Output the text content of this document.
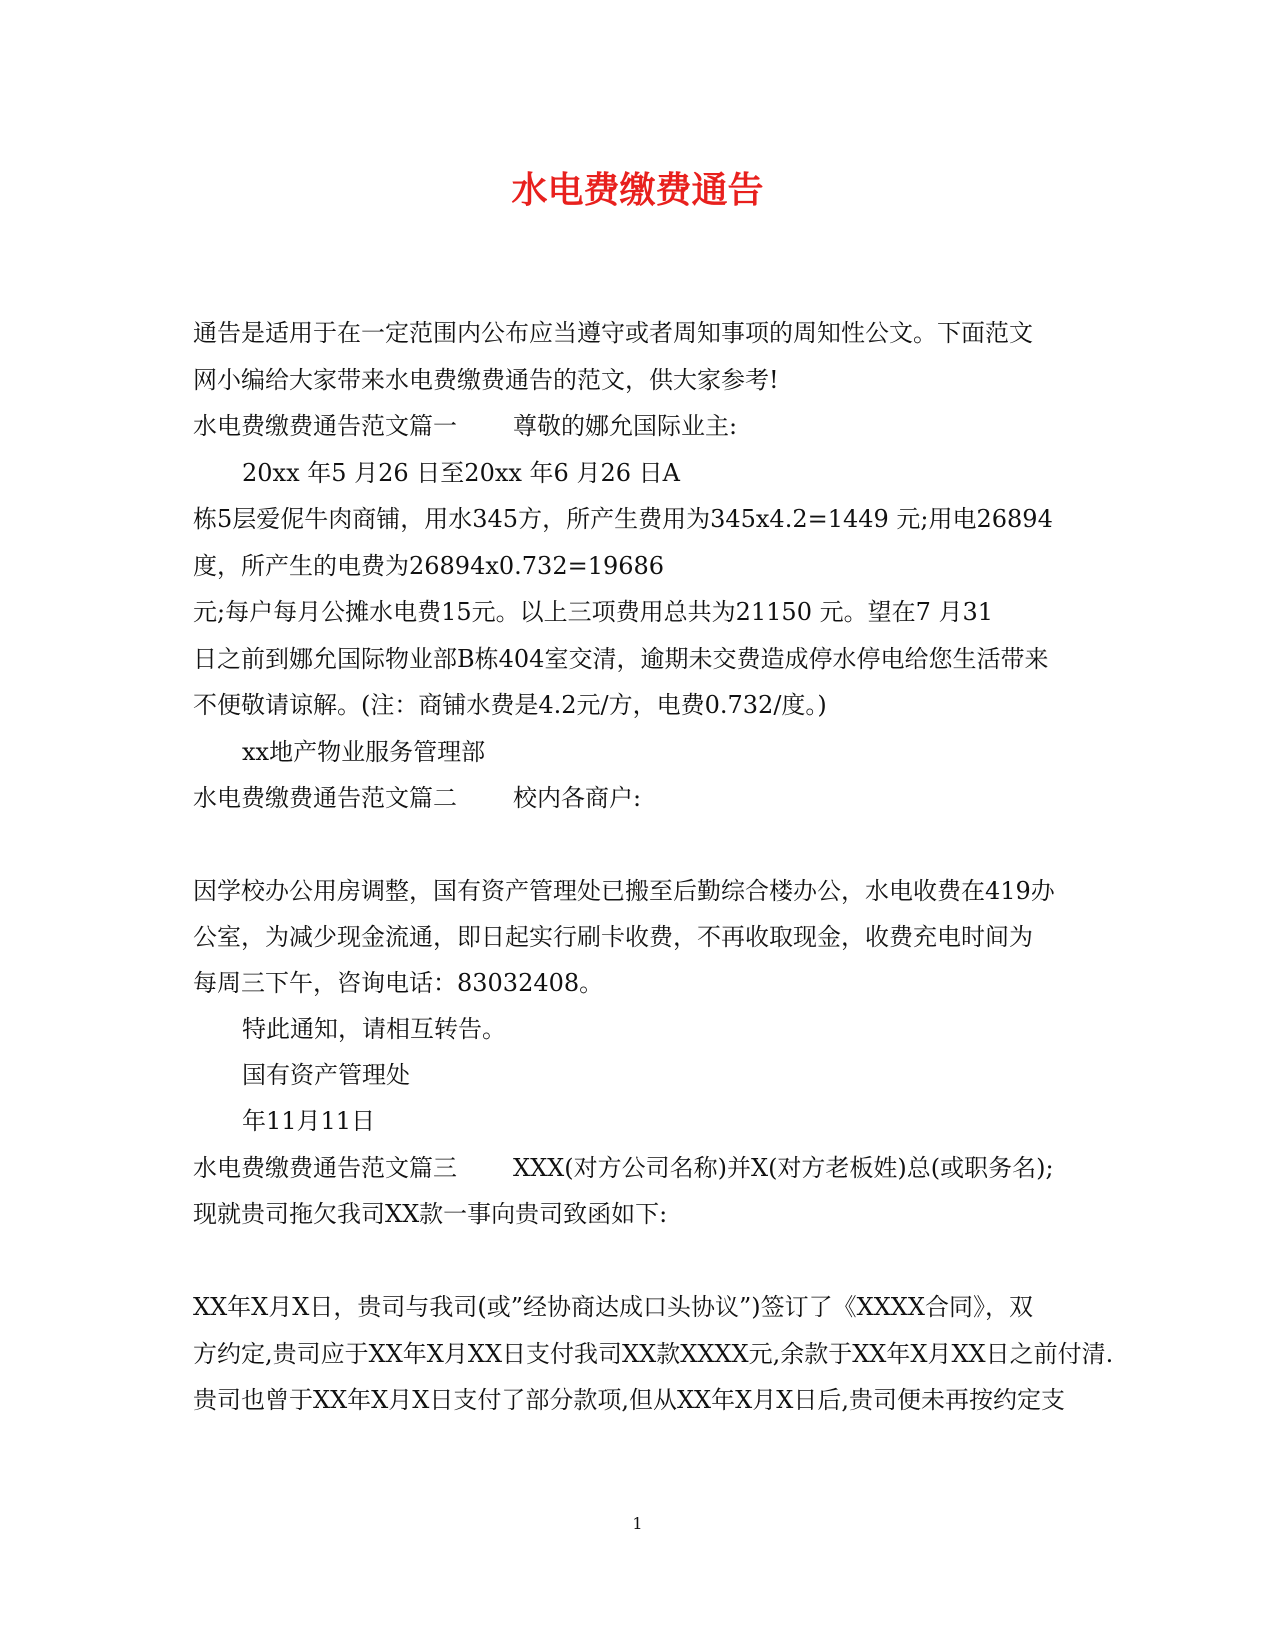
水电费缴费通告

通告是适用于在一定范围内公布应当遵守或者周知事项的周知性公文。下面范文

网小编给大家带来水电费缴费通告的范文，供大家参考!

水电费缴费通告范文篇一 尊敬的娜允国际业主:

20xx 年5 月26 日至20xx 年6 月26 日A

栋5层爱伲牛肉商铺，用水345方，所产生费用为345x4.2=1449 元;用电26894

度，所产生的电费为26894x0.732=19686

元;每户每月公摊水电费15元。以上三项费用总共为21150 元。望在7 月31

日之前到娜允国际物业部B栋404室交清，逾期未交费造成停水停电给您生活带来

不便敬请谅解。(注：商铺水费是4.2元/方，电费0.732/度。)

xx地产物业服务管理部

水电费缴费通告范文篇二 校内各商户:

因学校办公用房调整，国有资产管理处已搬至后勤综合楼办公，水电收费在419办

公室，为减少现金流通，即日起实行刷卡收费，不再收取现金，收费充电时间为

每周三下午，咨询电话：83032408。

特此通知，请相互转告。

国有资产管理处

年11月11日

水电费缴费通告范文篇三 XXX(对方公司名称)并X(对方老板姓)总(或职务名);

现就贵司拖欠我司XX款一事向贵司致函如下:

XX年X月X日，贵司与我司(或”经协商达成口头协议”)签订了《XXXX合同》，双

方约定,贵司应于XX年X月XX日支付我司XX款XXXX元,余款于XX年X月XX日之前付清.

贵司也曾于XX年X月X日支付了部分款项,但从XX年X月X日后,贵司便未再按约定支

1
